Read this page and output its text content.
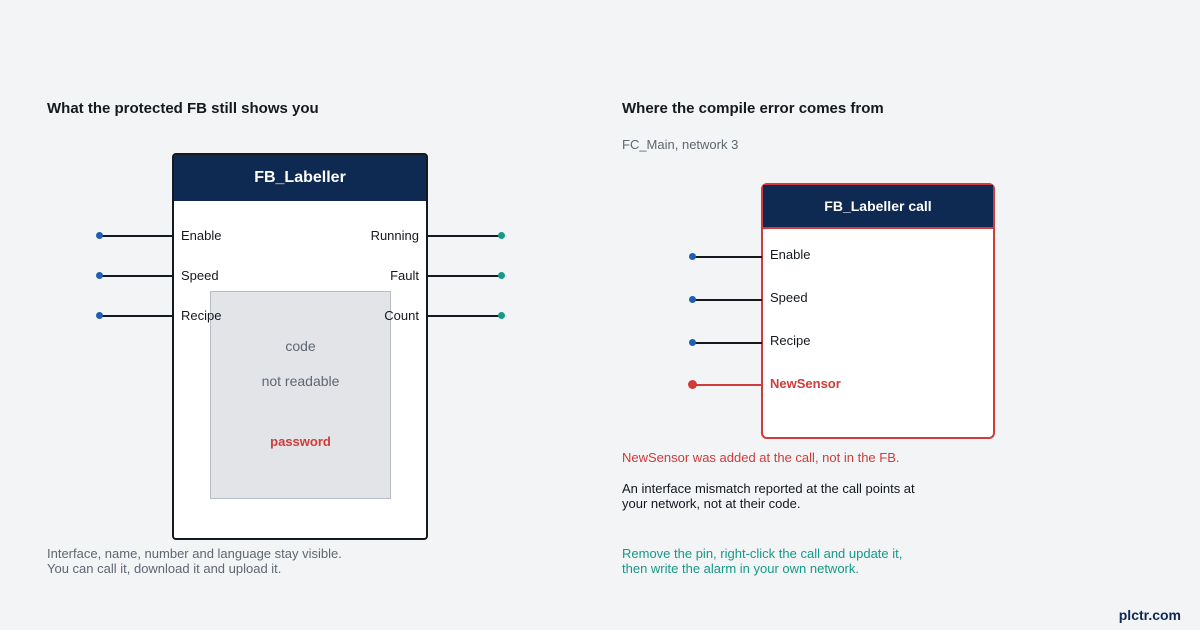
What the protected FB still shows you
FB_Labeller
code
not readable
password
Enable
Speed
Recipe
Running
Fault
Count
Interface, name, number and language stay visible.
You can call it, download it and upload it.
Where the compile error comes from
FC_Main, network 3
FB_Labeller call
Enable
Speed
Recipe
NewSensor
NewSensor was added at the call, not in the FB.
An interface mismatch reported at the call points at
your network, not at their code.
Remove the pin, right-click the call and update it,
then write the alarm in your own network.
plctr.com
